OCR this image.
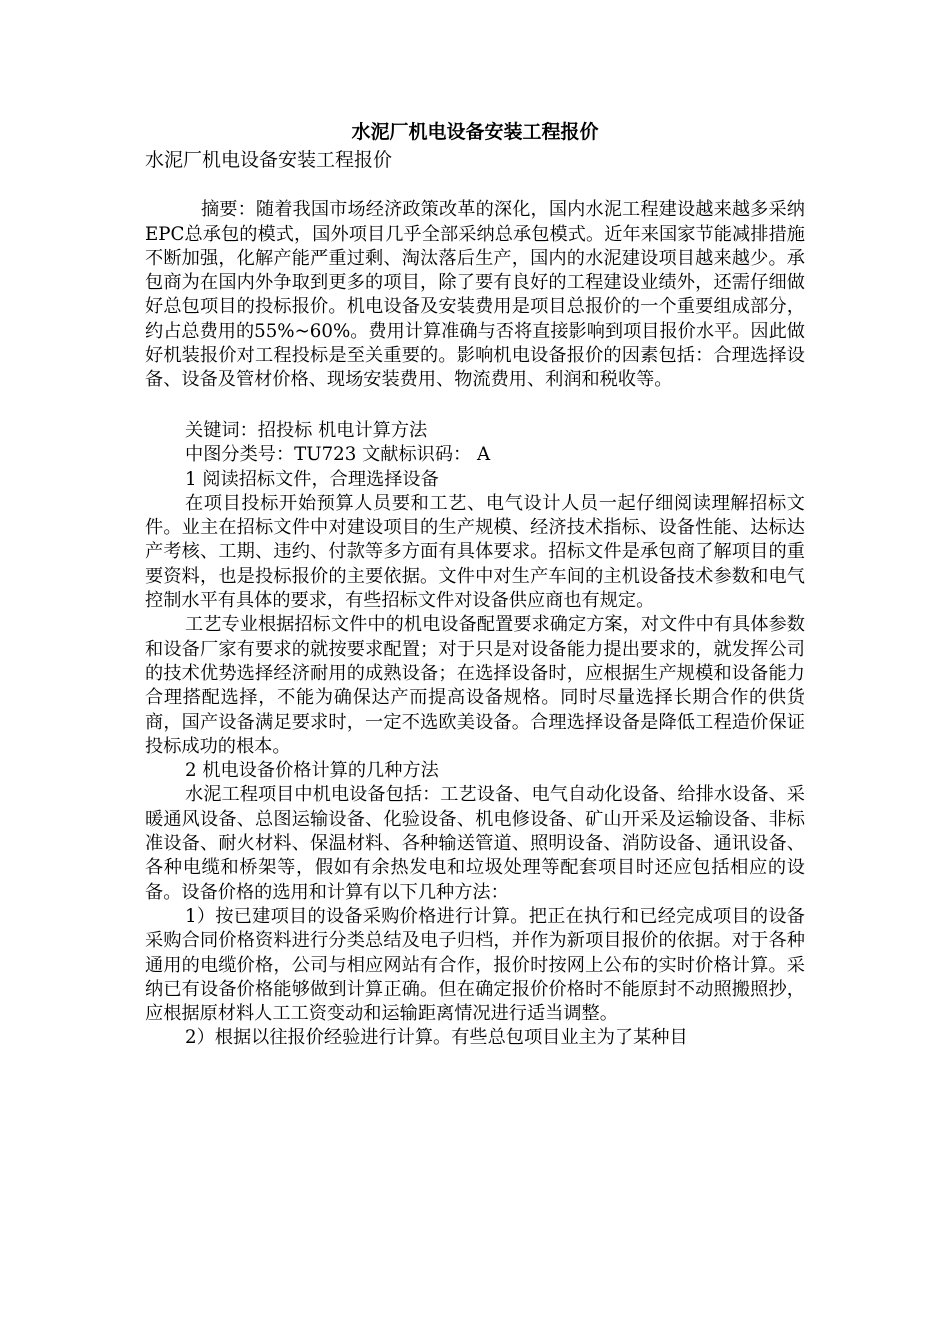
水泥厂机电设备安装工程报价
水泥厂机电设备安装工程报价

摘要：随着我国市场经济政策改革的深化，国内水泥工程建设越来越多采纳EPC总承包的模式，国外项目几乎全部采纳总承包模式。近年来国家节能减排措施不断加强，化解产能严重过剩、淘汰落后生产，国内的水泥建设项目越来越少。承包商为在国内外争取到更多的项目，除了要有良好的工程建设业绩外，还需仔细做好总包项目的投标报价。机电设备及安装费用是项目总报价的一个重要组成部分，约占总费用的55%~60%。费用计算准确与否将直接影响到项目报价水平。因此做好机装报价对工程投标是至关重要的。影响机电设备报价的因素包括：合理选择设备、设备及管材价格、现场安装费用、物流费用、利润和税收等。

关键词：招投标 机电计算方法

中图分类号：TU723 文献标识码： A

1 阅读招标文件，合理选择设备

在项目投标开始预算人员要和工艺、电气设计人员一起仔细阅读理解招标文件。业主在招标文件中对建设项目的生产规模、经济技术指标、设备性能、达标达产考核、工期、违约、付款等多方面有具体要求。招标文件是承包商了解项目的重要资料，也是投标报价的主要依据。文件中对生产车间的主机设备技术参数和电气控制水平有具体的要求，有些招标文件对设备供应商也有规定。

工艺专业根据招标文件中的机电设备配置要求确定方案，对文件中有具体参数和设备厂家有要求的就按要求配置；对于只是对设备能力提出要求的，就发挥公司的技术优势选择经济耐用的成熟设备；在选择设备时，应根据生产规模和设备能力合理搭配选择，不能为确保达产而提高设备规格。同时尽量选择长期合作的供货商，国产设备满足要求时，一定不选欧美设备。合理选择设备是降低工程造价保证投标成功的根本。

2 机电设备价格计算的几种方法

水泥工程项目中机电设备包括：工艺设备、电气自动化设备、给排水设备、采暖通风设备、总图运输设备、化验设备、机电修设备、矿山开采及运输设备、非标准设备、耐火材料、保温材料、各种输送管道、照明设备、消防设备、通讯设备、各种电缆和桥架等，假如有余热发电和垃圾处理等配套项目时还应包括相应的设备。设备价格的选用和计算有以下几种方法：

1）按已建项目的设备采购价格进行计算。把正在执行和已经完成项目的设备采购合同价格资料进行分类总结及电子归档，并作为新项目报价的依据。对于各种通用的电缆价格，公司与相应网站有合作，报价时按网上公布的实时价格计算。采纳已有设备价格能够做到计算正确。但在确定报价价格时不能原封不动照搬照抄，应根据原材料人工工资变动和运输距离情况进行适当调整。

2）根据以往报价经验进行计算。有些总包项目业主为了某种目
